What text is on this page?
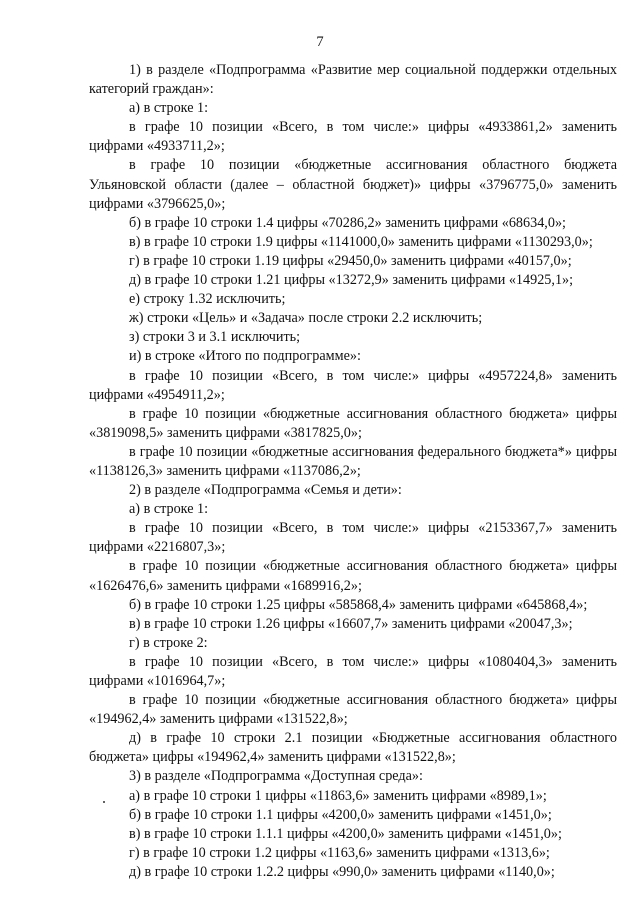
7

1) в разделе «Подпрограмма «Развитие мер социальной поддержки отдельных категорий граждан»:

а) в строке 1:

в графе 10 позиции «Всего, в том числе:» цифры «4933861,2» заменить цифрами «4933711,2»;

в графе 10 позиции «бюджетные ассигнования областного бюджета Ульяновской области (далее – областной бюджет)» цифры «3796775,0» заменить цифрами «3796625,0»;

б) в графе 10 строки 1.4 цифры «70286,2» заменить цифрами «68634,0»;

в) в графе 10 строки 1.9 цифры «1141000,0» заменить цифрами «1130293,0»;

г) в графе 10 строки 1.19 цифры «29450,0» заменить цифрами «40157,0»;

д) в графе 10 строки 1.21 цифры «13272,9» заменить цифрами «14925,1»;

е) строку 1.32 исключить;

ж) строки «Цель» и «Задача» после строки 2.2 исключить;

з) строки 3 и 3.1 исключить;

и) в строке «Итого по подпрограмме»:

в графе 10 позиции «Всего, в том числе:» цифры «4957224,8» заменить цифрами «4954911,2»;

в графе 10 позиции «бюджетные ассигнования областного бюджета» цифры «3819098,5» заменить цифрами «3817825,0»;

в графе 10 позиции «бюджетные ассигнования федерального бюджета*» цифры «1138126,3» заменить цифрами «1137086,2»;

2) в разделе «Подпрограмма «Семья и дети»:

а) в строке 1:

в графе 10 позиции «Всего, в том числе:» цифры «2153367,7» заменить цифрами «2216807,3»;

в графе 10 позиции «бюджетные ассигнования областного бюджета» цифры «1626476,6» заменить цифрами «1689916,2»;

б) в графе 10 строки 1.25 цифры «585868,4» заменить цифрами «645868,4»;

в) в графе 10 строки 1.26 цифры «16607,7» заменить цифрами «20047,3»;

г) в строке 2:

в графе 10 позиции «Всего, в том числе:» цифры «1080404,3» заменить цифрами «1016964,7»;

в графе 10 позиции «бюджетные ассигнования областного бюджета» цифры «194962,4» заменить цифрами «131522,8»;

д) в графе 10 строки 2.1 позиции «Бюджетные ассигнования областного бюджета» цифры «194962,4» заменить цифрами «131522,8»;

3) в разделе «Подпрограмма «Доступная среда»:

а) в графе 10 строки 1 цифры «11863,6» заменить цифрами «8989,1»;

б) в графе 10 строки 1.1 цифры «4200,0» заменить цифрами «1451,0»;

в) в графе 10 строки 1.1.1 цифры «4200,0» заменить цифрами «1451,0»;

г) в графе 10 строки 1.2 цифры «1163,6» заменить цифрами «1313,6»;

д) в графе 10 строки 1.2.2 цифры «990,0» заменить цифрами «1140,0»;
